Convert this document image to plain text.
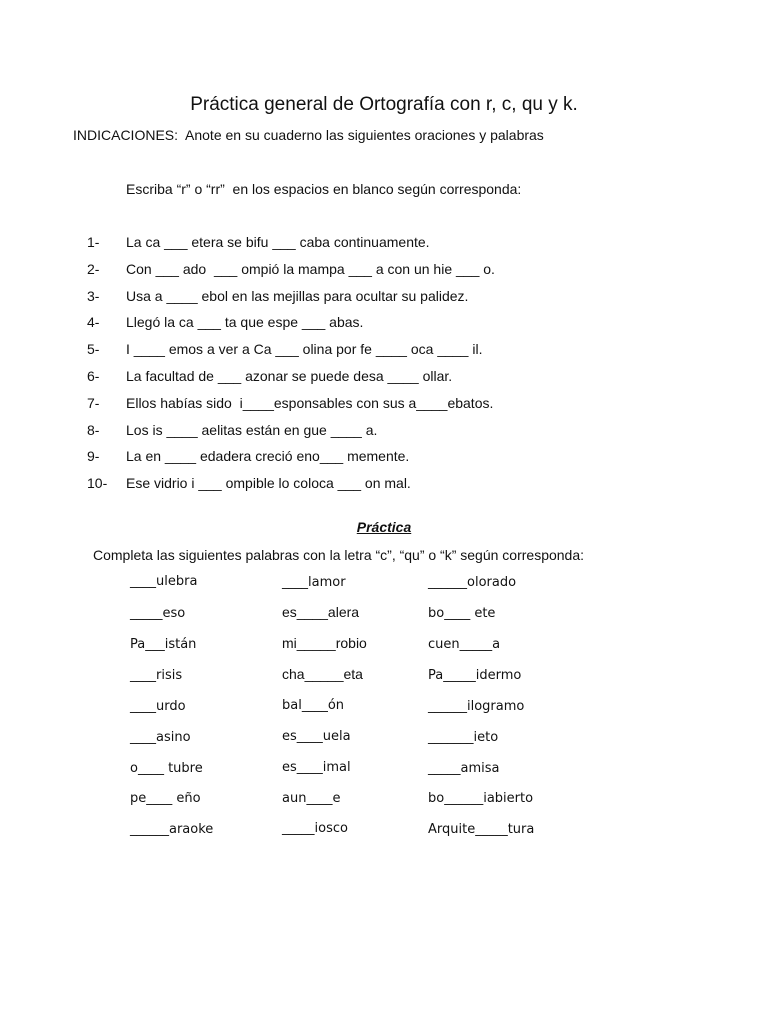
Práctica general de Ortografía con r, c, qu y k.
INDICACIONES:  Anote en su cuaderno las siguientes oraciones y palabras
Escriba “r” o “rr”  en los espacios en blanco según corresponda:

1-

La ca ___ etera se bifu ___ caba continuamente.

2-

Con ___ ado  ___ ompió la mampa ___ a con un hie ___ o.

3-

Usa a ____ ebol en las mejillas para ocultar su palidez.

4-

Llegó la ca ___ ta que espe ___ abas.

5-

I ____ emos a ver a Ca ___ olina por fe ____ oca ____ il.

6-

La facultad de ___ azonar se puede desa ____ ollar.

7-

Ellos habías sido  i____esponsables con sus a____ebatos.

8-

Los is ____ aelitas están en gue ____ a.

9-

La en ____ edadera creció eno___ memente.

10-

Ese vidrio i ___ ompible lo coloca ___ on mal.

Práctica
Completa las siguientes palabras con la letra “c”, “qu” o “k” según corresponda:
____ulebra	____lamor	______olorado
_____eso	es____alera	bo____ ete
Pa___istán	mi_____robio	cuen_____a
____risis	cha_____eta	Pa_____idermo
____urdo	bal____ón	______ilogramo
____asino	es____uela	_______ieto
o____ tubre	es____imal	_____amisa
pe____ eño	aun____e	bo______iabierto
______araoke	_____iosco	Arquite_____tura
